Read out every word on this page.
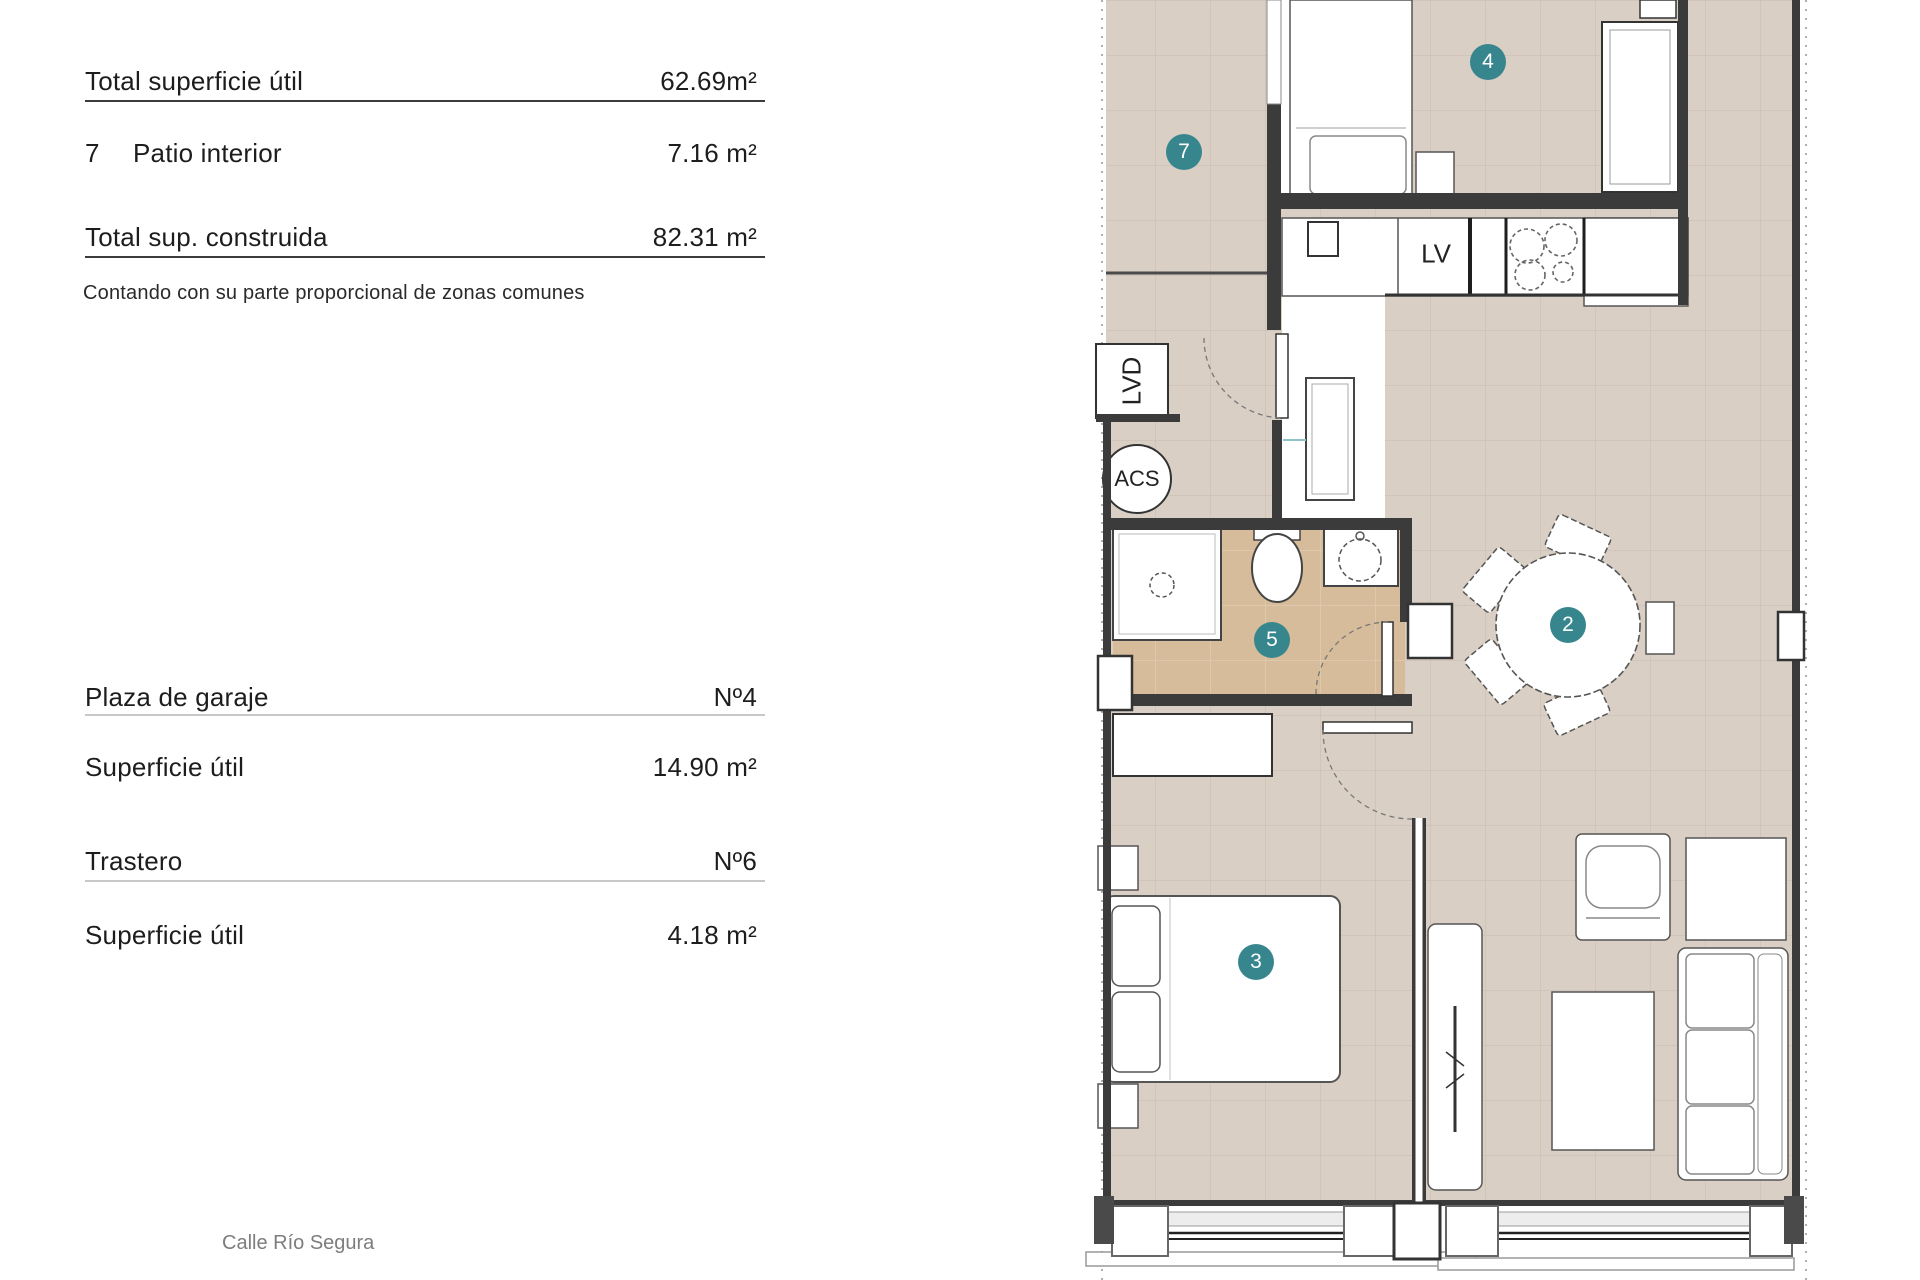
Total superficie útil	62.69m²
7 Patio interior	7.16 m²
Total sup. construida	82.31 m²
Contando con su parte proporcional de zonas comunes
Plaza de garaje	Nº4
Superficie útil	14.90 m²
Trastero	Nº6
Superficie útil	4.18 m²
Calle Río Segura
LVD
ACS
LV
7
4
2
5
3
